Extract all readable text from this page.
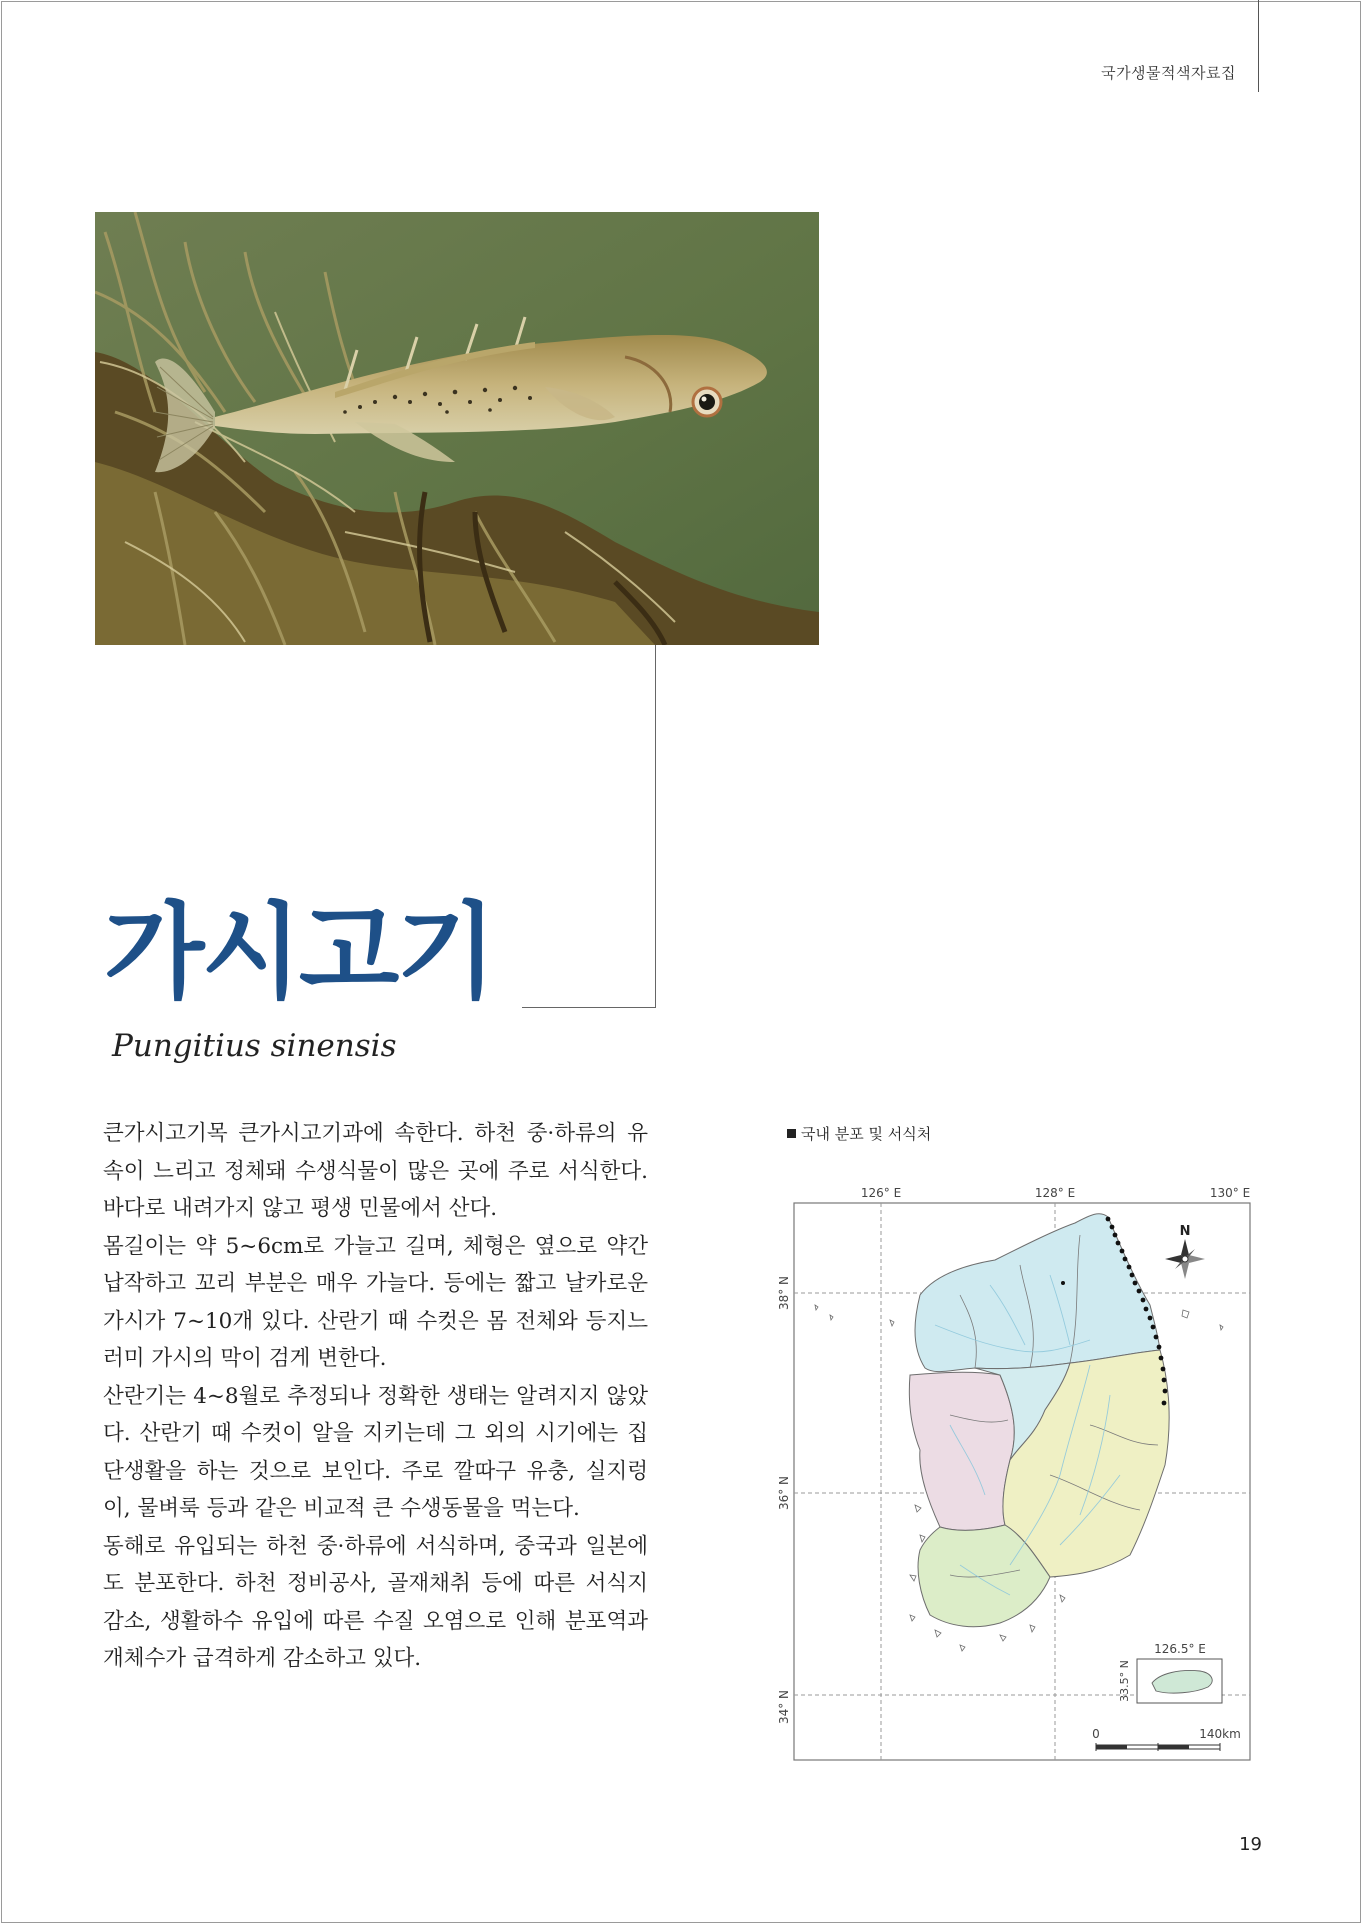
국가생물적색자료집
가시고기
Pungitius sinensis

큰가시고기목 큰가시고기과에 속한다. 하천 중·하류의 유속이 느리고 정체돼 수생식물이 많은 곳에 주로 서식한다. 바다로 내려가지 않고 평생 민물에서 산다.

몸길이는 약 5~6cm로 가늘고 길며, 체형은 옆으로 약간 납작하고 꼬리 부분은 매우 가늘다. 등에는 짧고 날카로운 가시가 7~10개 있다. 산란기 때 수컷은 몸 전체와 등지느러미 가시의 막이 검게 변한다.

산란기는 4~8월로 추정되나 정확한 생태는 알려지지 않았다. 산란기 때 수컷이 알을 지키는데 그 외의 시기에는 집단생활을 하는 것으로 보인다. 주로 깔따구 유충, 실지렁이, 물벼룩 등과 같은 비교적 큰 수생동물을 먹는다.

동해로 유입되는 하천 중·하류에 서식하며, 중국과 일본에도 분포한다. 하천 정비공사, 골재채취 등에 따른 서식지 감소, 생활하수 유입에 따른 수질 오염으로 인해 분포역과 개체수가 급격하게 감소하고 있다.

국내 분포 및 서식처
126° E	128° E	130° E
38° N
36° N
34° N
N
126.5° E
33.5° N
0	140km
19
